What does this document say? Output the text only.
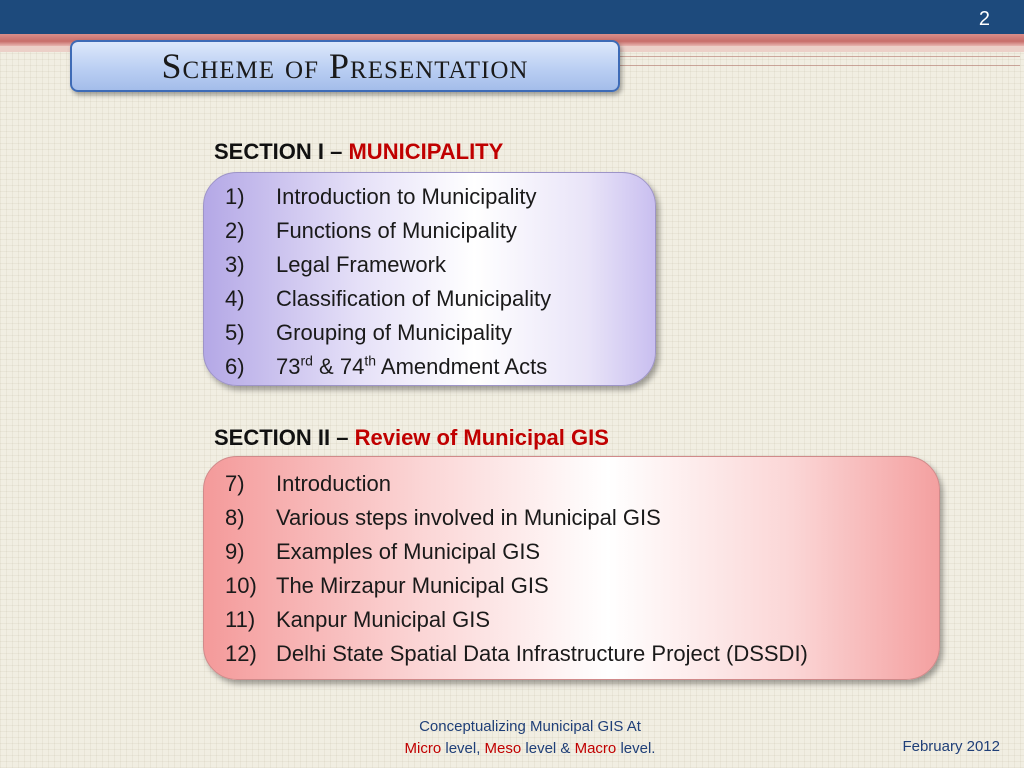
2
Scheme of Presentation
SECTION I – MUNICIPALITY
1) Introduction to Municipality
2) Functions of Municipality
3) Legal Framework
4) Classification of Municipality
5) Grouping of Municipality
6) 73rd & 74th Amendment Acts
SECTION II – Review of Municipal GIS
7) Introduction
8) Various steps involved in Municipal GIS
9) Examples of Municipal GIS
10) The Mirzapur Municipal GIS
11) Kanpur Municipal GIS
12) Delhi State Spatial Data Infrastructure Project (DSSDI)
Conceptualizing Municipal GIS At
Micro level, Meso level & Macro level.	February 2012
